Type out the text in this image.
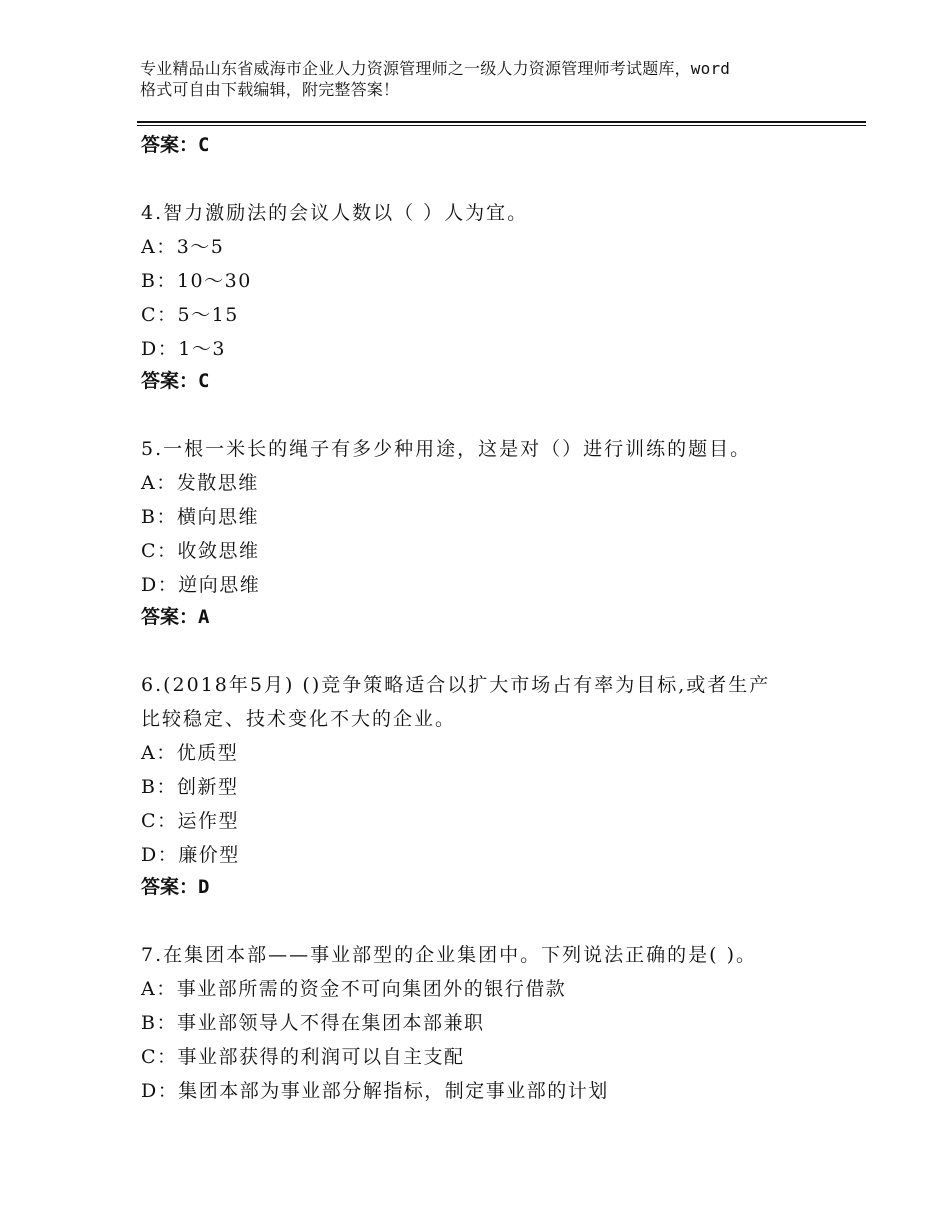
专业精品山东省威海市企业人力资源管理师之一级人力资源管理师考试题库，word
格式可自由下载编辑，附完整答案！
答案：C
4.智力激励法的会议人数以（ ）人为宜。
A：3～5
B：10～30
C：5～15
D：1～3
答案：C
5.一根一米长的绳子有多少种用途，这是对（）进行训练的题目。
A：发散思维
B：横向思维
C：收敛思维
D：逆向思维
答案：A
6.(2018年5月) ()竞争策略适合以扩大市场占有率为目标,或者生产
比较稳定、技术变化不大的企业。
A：优质型
B：创新型
C：运作型
D：廉价型
答案：D
7.在集团本部——事业部型的企业集团中。下列说法正确的是( )。
A：事业部所需的资金不可向集团外的银行借款
B：事业部领导人不得在集团本部兼职
C：事业部获得的利润可以自主支配
D：集团本部为事业部分解指标，制定事业部的计划
